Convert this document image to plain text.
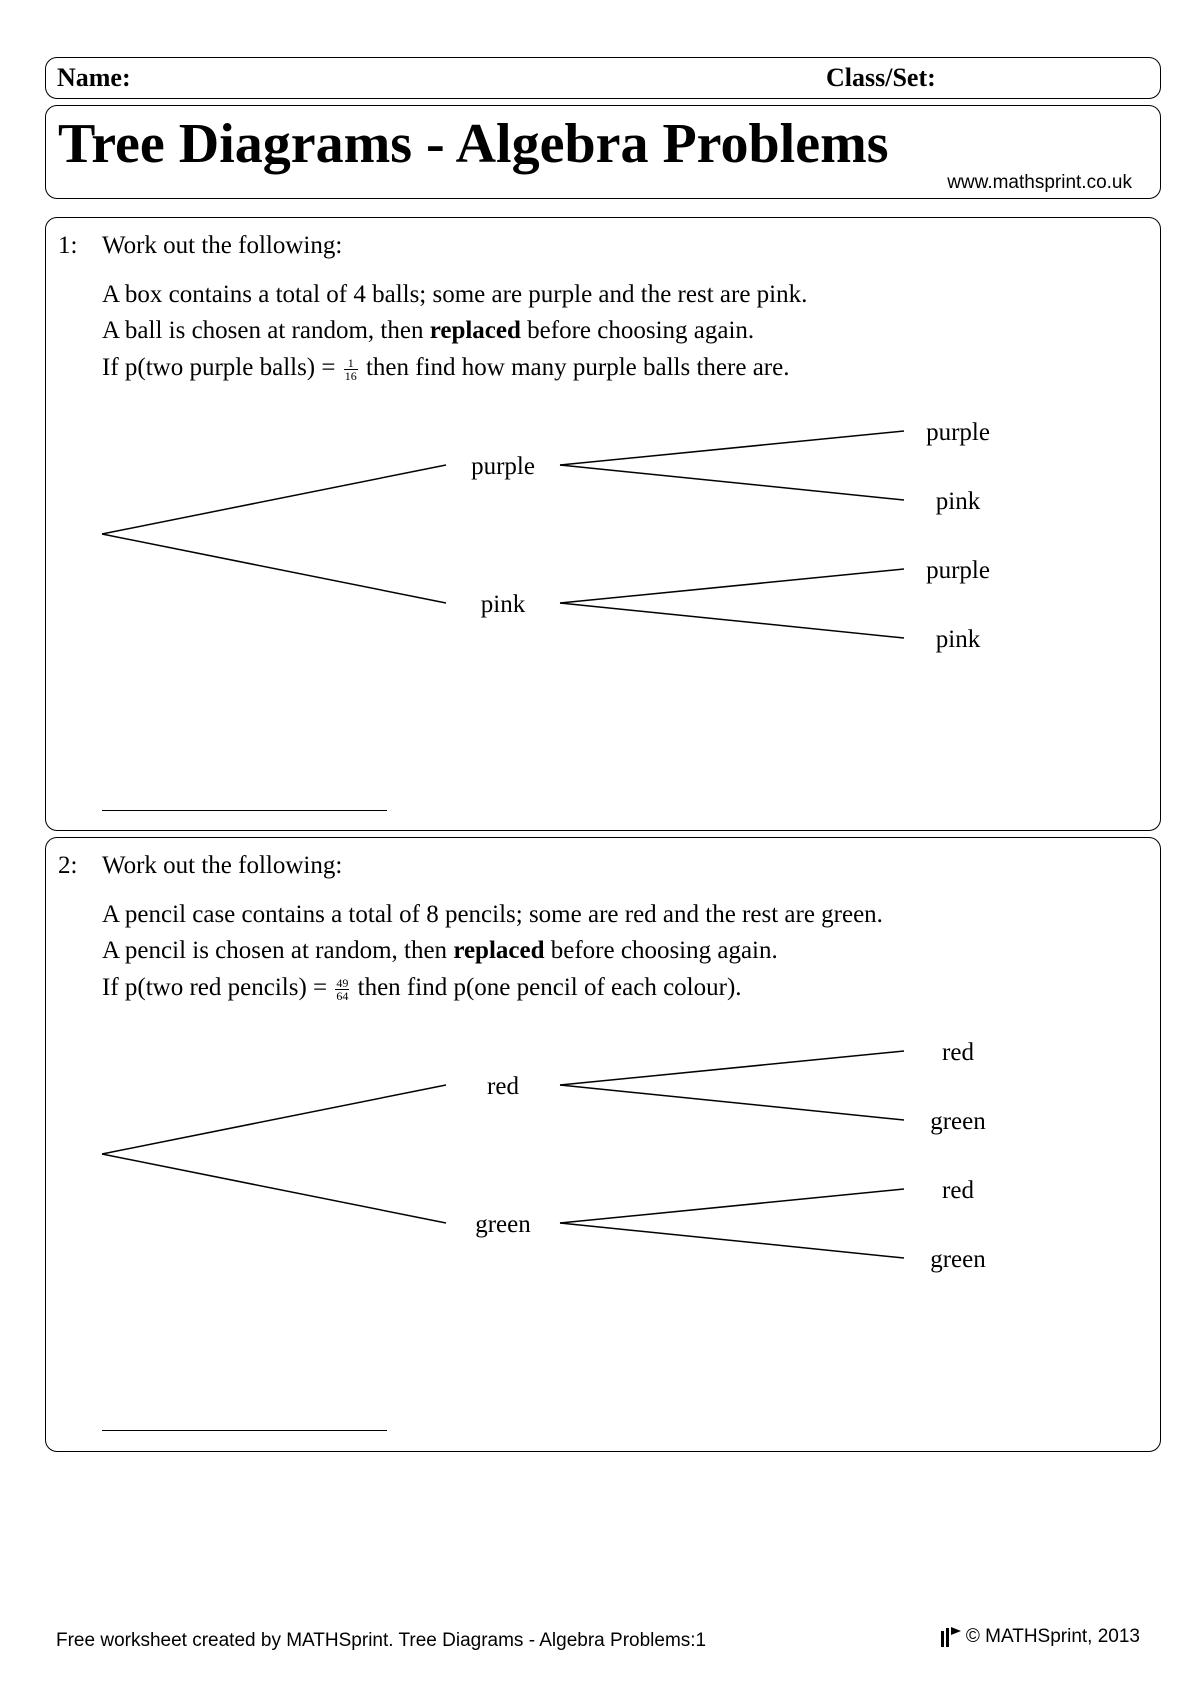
Name:	Class/Set:
Tree Diagrams - Algebra Problems
www.mathsprint.co.uk
1: Work out the following:
A box contains a total of 4 balls; some are purple and the rest are pink.
A ball is chosen at random, then replaced before choosing again.
If p(two purple balls) = $\frac{1}{16}$ then find how many purple balls there are.
purple
pink
purple
pink
purple
pink
2: Work out the following:
A pencil case contains a total of 8 pencils; some are red and the rest are green.
A pencil is chosen at random, then replaced before choosing again.
If p(two red pencils) = $\frac{49}{64}$ then find p(one pencil of each colour).
red
green
red
green
red
green
Free worksheet created by MATHSprint. Tree Diagrams - Algebra Problems:1	© MATHSprint, 2013
